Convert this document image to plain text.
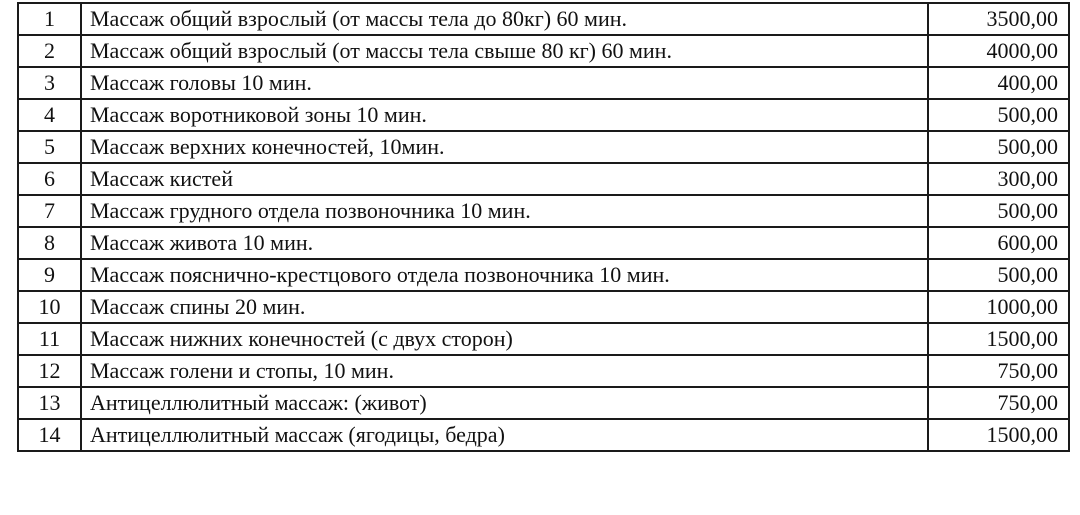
1	Массаж общий взрослый (от массы тела до 80кг) 60 мин.	3500,00
2	Массаж общий взрослый (от массы тела свыше 80 кг) 60 мин.	4000,00
3	Массаж головы 10 мин.	400,00
4	Массаж воротниковой зоны 10 мин.	500,00
5	Массаж верхних конечностей, 10мин.	500,00
6	Массаж кистей	300,00
7	Массаж грудного отдела позвоночника 10 мин.	500,00
8	Массаж живота 10 мин.	600,00
9	Массаж пояснично-крестцового отдела позвоночника 10 мин.	500,00
10	Массаж спины 20 мин.	1000,00
11	Массаж нижних конечностей (с двух сторон)	1500,00
12	Массаж голени и стопы, 10 мин.	750,00
13	Антицеллюлитный массаж: (живот)	750,00
14	Антицеллюлитный массаж (ягодицы, бедра)	1500,00
